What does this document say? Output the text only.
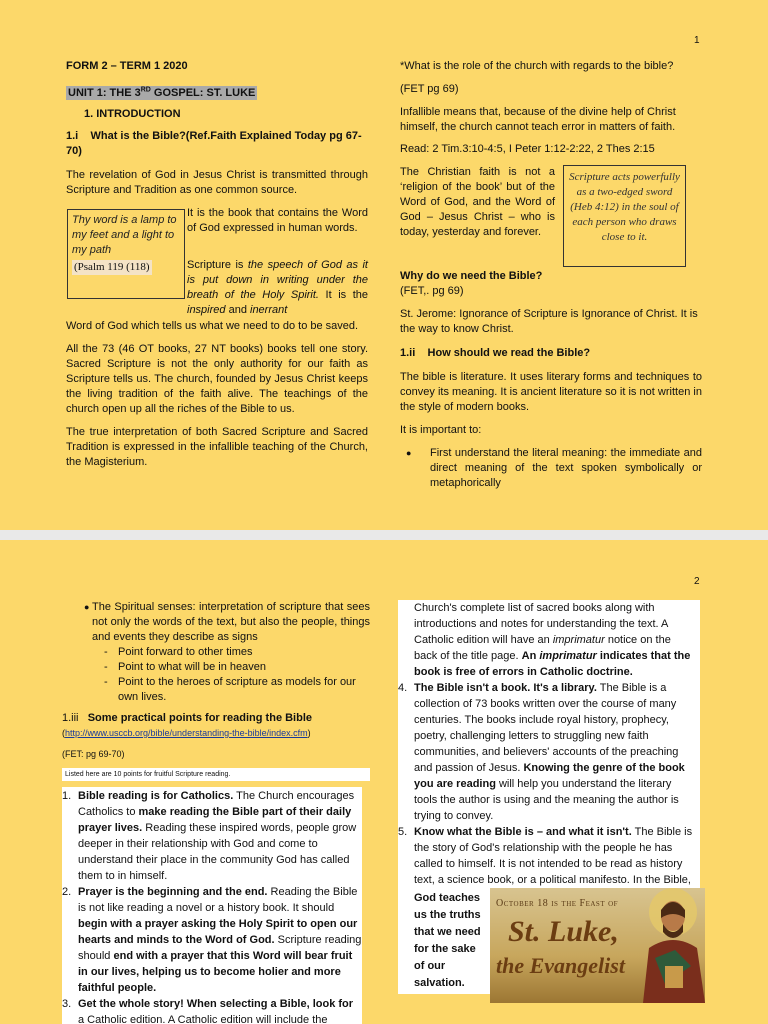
1

FORM 2 – TERM 1 2020

UNIT 1: THE 3RD GOSPEL: ST. LUKE

1. INTRODUCTION

1.i What is the Bible?(Ref.Faith Explained Today pg 67-70)

The revelation of God in Jesus Christ is transmitted through Scripture and Tradition as one common source.

Thy word is a lamp to my feet and a light to my path
(Psalm 119 (118)
It is the book that contains the Word of God expressed in human words.
Scripture is the speech of God as it is put down in writing under the breath of the Holy Spirit. It is the inspired and inerrant

Word of God which tells us what we need to do to be saved.

All the 73 (46 OT books, 27 NT books) books tell one story. Sacred Scripture is not the only authority for our faith as Scripture tells us. The church, founded by Jesus Christ keeps the living tradition of the faith alive. The teachings of the church open up all the riches of the Bible to us.

The true interpretation of both Sacred Scripture and Sacred Tradition is expressed in the infallible teaching of the Church, the Magisterium.

*What is the role of the church with regards to the bible?

(FET pg 69)

Infallible means that, because of the divine help of Christ himself, the church cannot teach error in matters of faith.

Read: 2 Tim.3:10-4:5, I Peter 1:12-2:22, 2 Thes 2:15

The Christian faith is not a ‘religion of the book’ but of the Word of God, and the Word of God – Jesus Christ – who is today, yesterday and forever.
Scripture acts powerfully as a two-edged sword (Heb 4:12) in the soul of each person who draws close to it.

Why do we need the Bible?
(FET,. pg 69)

St. Jerome: Ignorance of Scripture is Ignorance of Christ. It is the way to know Christ.

1.ii How should we read the Bible?

The bible is literature. It uses literary forms and techniques to convey its meaning. It is ancient literature so it is not written in the style of modern books.

It is important to:

● First understand the literal meaning: the immediate and direct meaning of the text spoken symbolically or metaphorically
2
● The Spiritual senses: interpretation of scripture that sees not only the words of the text, but also the people, things and events they describe as signs
- Point forward to other times
- Point to what will be in heaven
- Point to the heroes of scripture as models for our own lives.

1.iii Some practical points for reading the Bible

(http://www.usccb.org/bible/understanding-the-bible/index.cfm)

(FET: pg 69-70)

Listed here are 10 points for fruitful Scripture reading.

1. Bible reading is for Catholics. The Church encourages Catholics to make reading the Bible part of their daily prayer lives. Reading these inspired words, people grow deeper in their relationship with God and come to understand their place in the community God has called them to in himself.
2. Prayer is the beginning and the end. Reading the Bible is not like reading a novel or a history book. It should begin with a prayer asking the Holy Spirit to open our hearts and minds to the Word of God. Scripture reading should end with a prayer that this Word will bear fruit in our lives, helping us to become holier and more faithful people.
3. Get the whole story! When selecting a Bible, look for
a Catholic edition. A Catholic edition will include the
Church's complete list of sacred books along with introductions and notes for understanding the text. A Catholic edition will have an imprimatur notice on the back of the title page. An imprimatur indicates that the book is free of errors in Catholic doctrine.
4. The Bible isn't a book. It's a library. The Bible is a collection of 73 books written over the course of many centuries. The books include royal history, prophecy, poetry, challenging letters to struggling new faith communities, and believers' accounts of the preaching and passion of Jesus. Knowing the genre of the book you are reading will help you understand the literary tools the author is using and the meaning the author is trying to convey.
5. Know what the Bible is – and what it isn't. The Bible is the story of God's relationship with the people he has called to himself. It is not intended to be read as history text, a science book, or a political manifesto. In the Bible,
God teaches us the truths that we need for the sake of our salvation.
October 18 is the Feast of
St. Luke,
the Evangelist
